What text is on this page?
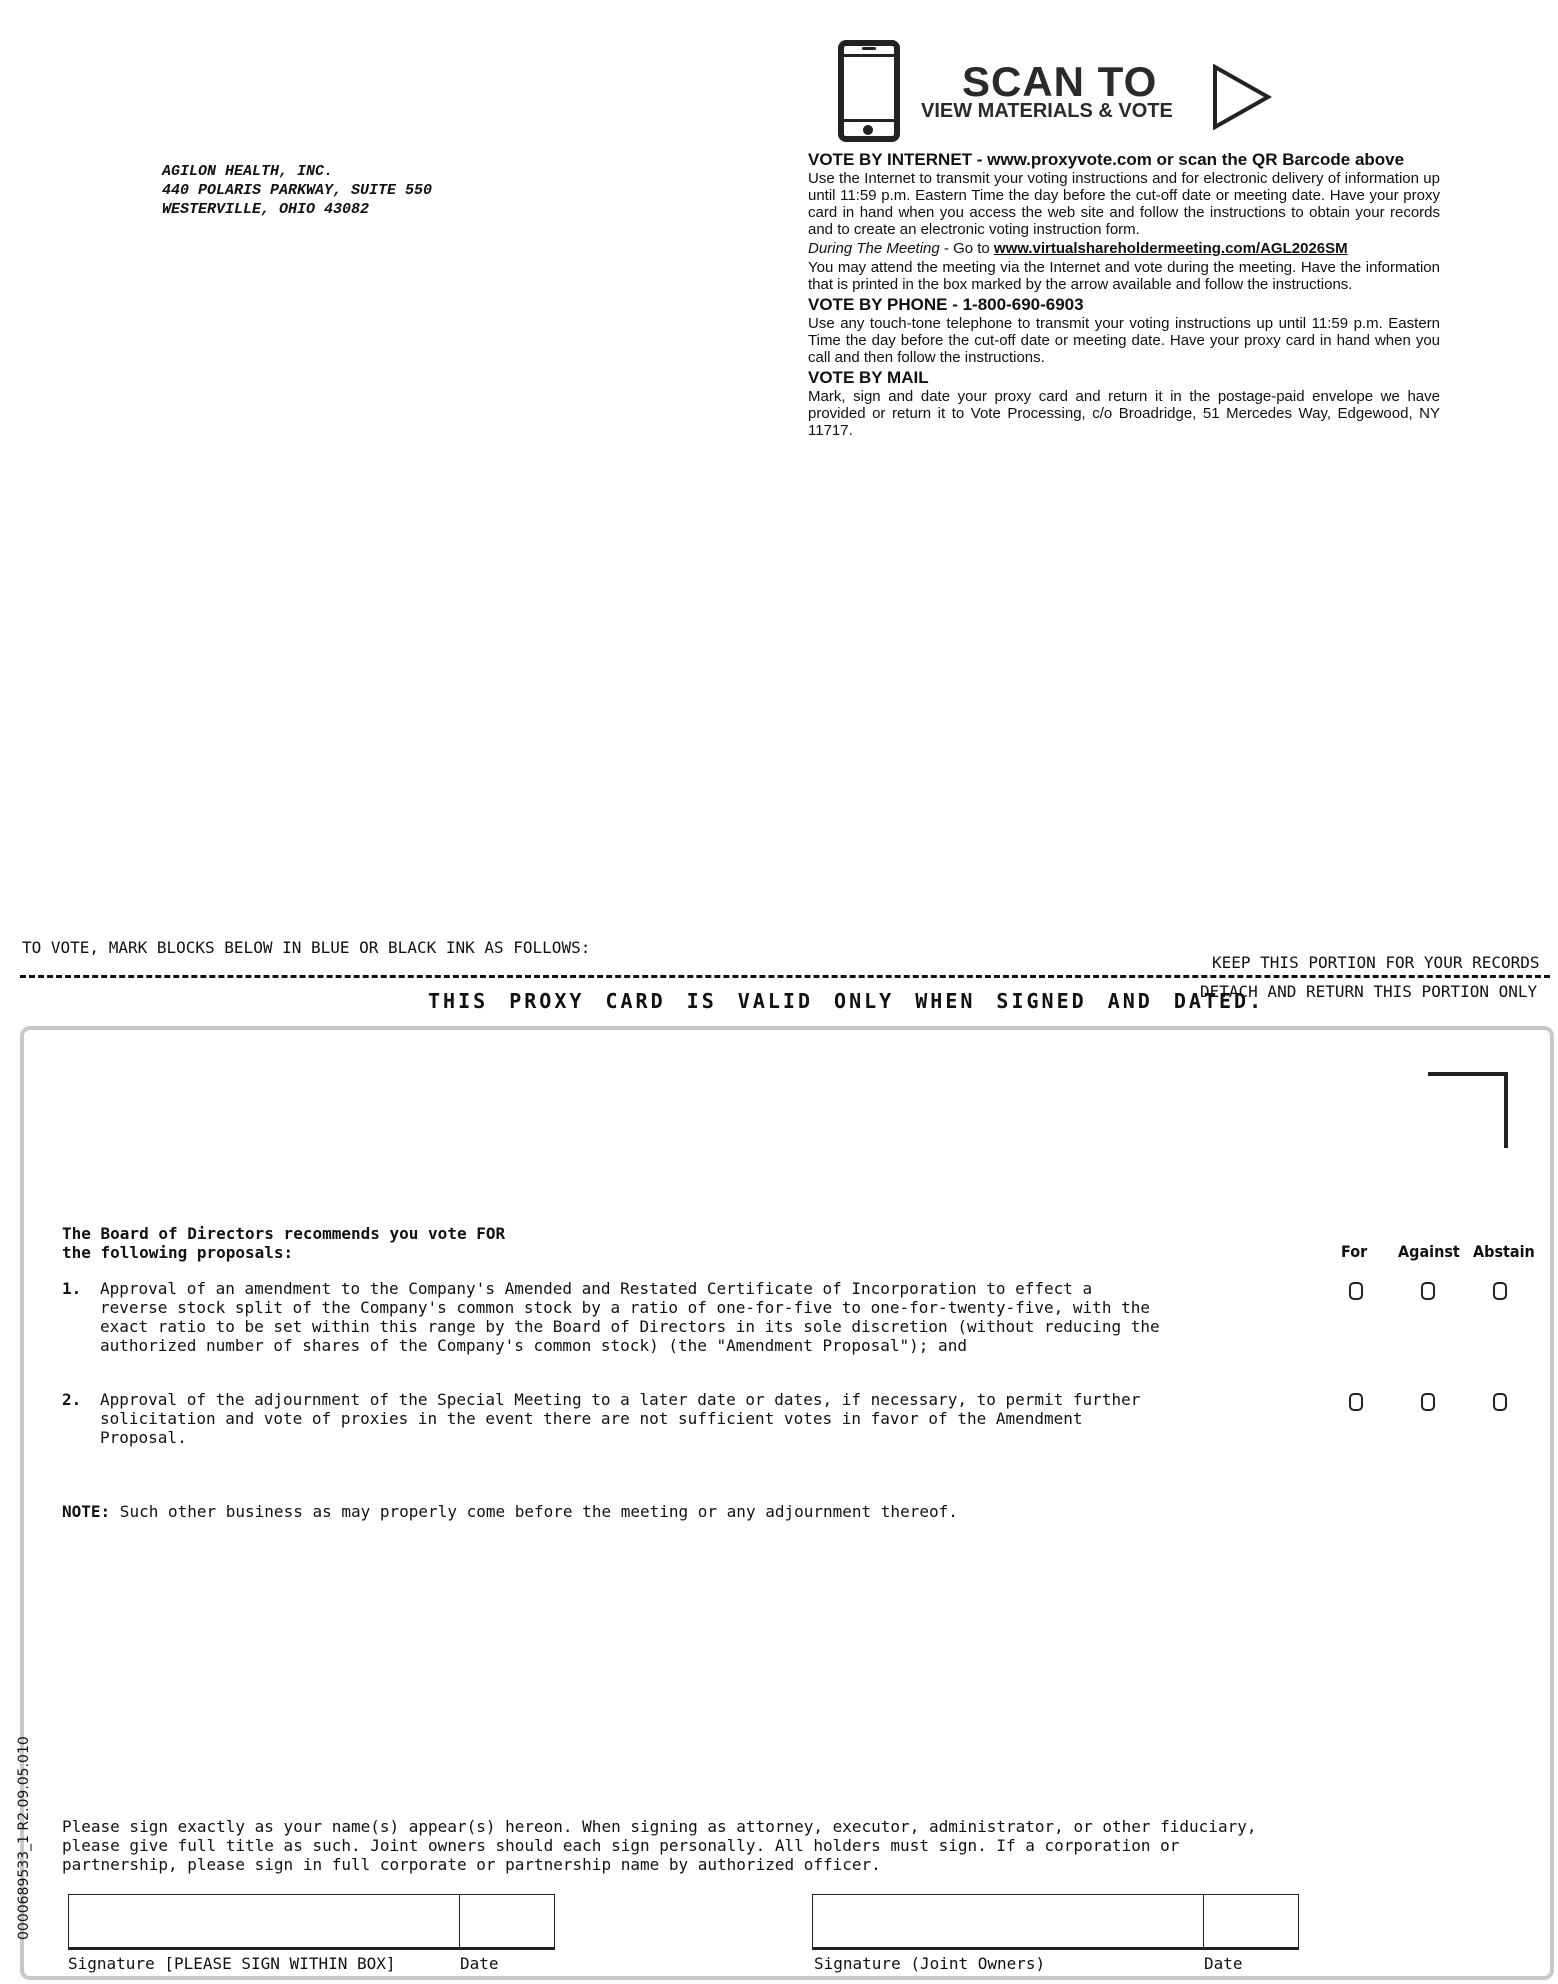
AGILON HEALTH, INC.
440 POLARIS PARKWAY, SUITE 550
WESTERVILLE, OHIO 43082
SCAN TO
VIEW MATERIALS & VOTE
VOTE BY INTERNET - www.proxyvote.com or scan the QR Barcode above

Use the Internet to transmit your voting instructions and for electronic delivery of information up until 11:59 p.m. Eastern Time the day before the cut-off date or meeting date. Have your proxy card in hand when you access the web site and follow the instructions to obtain your records and to create an electronic voting instruction form.

During The Meeting - Go to www.virtualshareholdermeeting.com/AGL2026SM

You may attend the meeting via the Internet and vote during the meeting. Have the information that is printed in the box marked by the arrow available and follow the instructions.

VOTE BY PHONE - 1-800-690-6903

Use any touch-tone telephone to transmit your voting instructions up until 11:59 p.m. Eastern Time the day before the cut-off date or meeting date. Have your proxy card in hand when you call and then follow the instructions.

VOTE BY MAIL

Mark, sign and date your proxy card and return it in the postage-paid envelope we have provided or return it to Vote Processing, c/o Broadridge, 51 Mercedes Way, Edgewood, NY 11717.

TO VOTE, MARK BLOCKS BELOW IN BLUE OR BLACK INK AS FOLLOWS:
KEEP THIS PORTION FOR YOUR RECORDS
DETACH AND RETURN THIS PORTION ONLY
THIS PROXY CARD IS VALID ONLY WHEN SIGNED AND DATED.
The Board of Directors recommends you vote FOR
the following proposals:	For Against Abstain
1. Approval of an amendment to the Company's Amended and Restated Certificate of Incorporation to effect a
reverse stock split of the Company's common stock by a ratio of one-for-five to one-for-twenty-five, with the
exact ratio to be set within this range by the Board of Directors in its sole discretion (without reducing the
authorized number of shares of the Company's common stock) (the "Amendment Proposal"); and
2. Approval of the adjournment of the Special Meeting to a later date or dates, if necessary, to permit further
solicitation and vote of proxies in the event there are not sufficient votes in favor of the Amendment
Proposal.
NOTE: Such other business as may properly come before the meeting or any adjournment thereof.
Please sign exactly as your name(s) appear(s) hereon. When signing as attorney, executor, administrator, or other fiduciary,
please give full title as such. Joint owners should each sign personally. All holders must sign. If a corporation or
partnership, please sign in full corporate or partnership name by authorized officer.
Signature [PLEASE SIGN WITHIN BOX]	Date	Signature (Joint Owners)	Date
0000689533_1 R2.09.05.010
